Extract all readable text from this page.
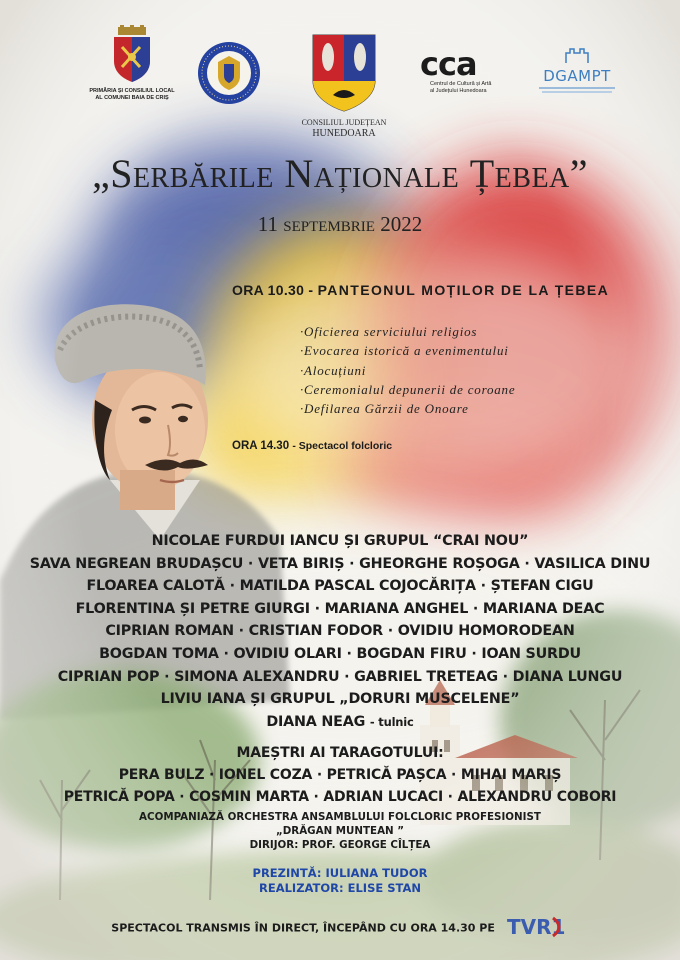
PRIMĂRIA ȘI CONSILIUL LOCAL
AL COMUNEI BAIA DE CRIȘ
CONSILIUL JUDEȚEAN
HUNEDOARA
cca
Centrul de Cultură și Artă
al Județului Hunedoara
DGAMPT
„Serbările Naționale Țebea”
11 septembrie 2022
ORA 10.30 - PANTEONUL MOȚILOR DE LA ȚEBEA
·Oficierea serviciului religios
·Evocarea istorică a evenimentului
·Alocuțiuni
·Ceremonialul depunerii de coroane
·Defilarea Gărzii de Onoare
ORA 14.30 - Spectacol folcloric
NICOLAE FURDUI IANCU ȘI GRUPUL “CRAI NOU”
SAVA NEGREAN BRUDAȘCU · VETA BIRIȘ · GHEORGHE ROȘOGA · VASILICA DINU
FLOAREA CALOTĂ · MATILDA PASCAL COJOCĂRIȚA · ȘTEFAN CIGU
FLORENTINA ȘI PETRE GIURGI · MARIANA ANGHEL · MARIANA DEAC
CIPRIAN ROMAN · CRISTIAN FODOR · OVIDIU HOMORODEAN
BOGDAN TOMA · OVIDIU OLARI · BOGDAN FIRU · IOAN SURDU
CIPRIAN POP · SIMONA ALEXANDRU · GABRIEL TRETEAG · DIANA LUNGU
LIVIU IANA ȘI GRUPUL „DORURI MUSCELENE”
DIANA NEAG - tulnic
MAEȘTRI AI TARAGOTULUI:
PERA BULZ · IONEL COZA · PETRICĂ PAȘCA · MIHAI MARIȘ
PETRICĂ POPA · COSMIN MARTA · ADRIAN LUCACI · ALEXANDRU COBORI
ACOMPANIAZĂ ORCHESTRA ANSAMBLULUI FOLCLORIC PROFESIONIST
„DRĂGAN MUNTEAN ”
DIRIJOR: PROF. GEORGE CÎLȚEA
PREZINTĂ: IULIANA TUDOR
REALIZATOR: ELISE STAN
SPECTACOL TRANSMIS ÎN DIRECT, ÎNCEPÂND CU ORA 14.30 PE TVR1
